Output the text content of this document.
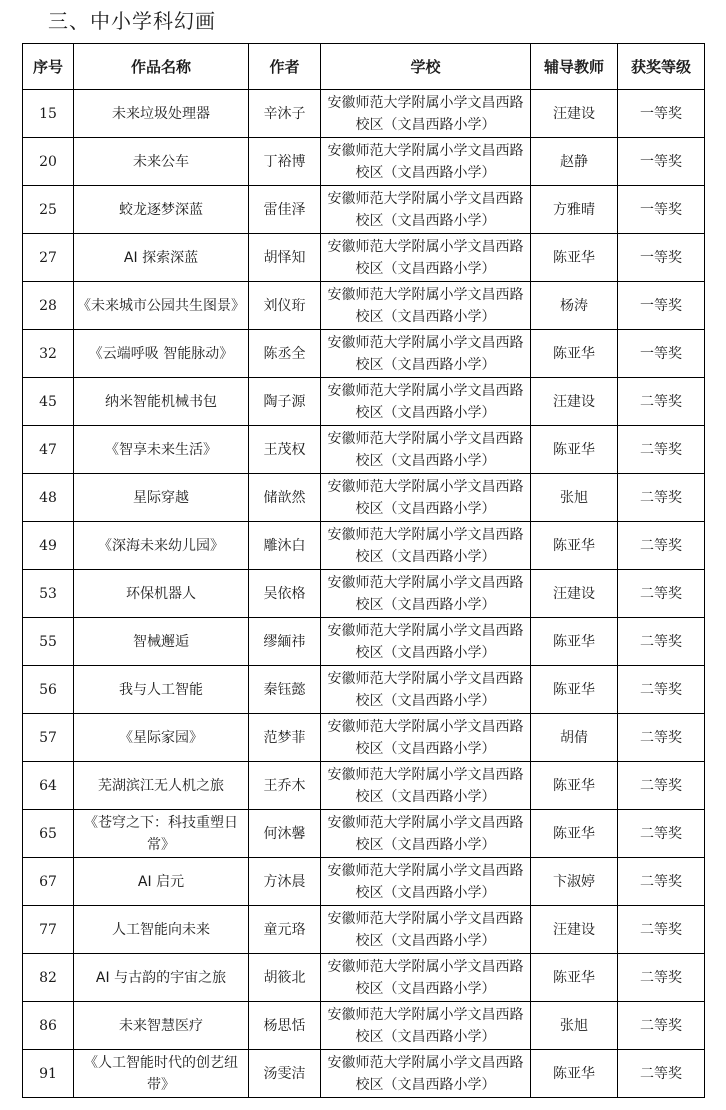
三、中小学科幻画
序号	作品名称	作者	学校	辅导教师	获奖等级
15	未来垃圾处理器	辛沐子	安徽师范大学附属小学文昌西路校区（文昌西路小学）	汪建设	一等奖
20	未来公车	丁裕博	安徽师范大学附属小学文昌西路校区（文昌西路小学）	赵静	一等奖
25	蛟龙逐梦深蓝	雷佳泽	安徽师范大学附属小学文昌西路校区（文昌西路小学）	方雅晴	一等奖
27	AI 探索深蓝	胡怿知	安徽师范大学附属小学文昌西路校区（文昌西路小学）	陈亚华	一等奖
28	《未来城市公园共生图景》	刘仪珩	安徽师范大学附属小学文昌西路校区（文昌西路小学）	杨涛	一等奖
32	《云端呼吸 智能脉动》	陈丞全	安徽师范大学附属小学文昌西路校区（文昌西路小学）	陈亚华	一等奖
45	纳米智能机械书包	陶子源	安徽师范大学附属小学文昌西路校区（文昌西路小学）	汪建设	二等奖
47	《智享未来生活》	王茂权	安徽师范大学附属小学文昌西路校区（文昌西路小学）	陈亚华	二等奖
48	星际穿越	储歆然	安徽师范大学附属小学文昌西路校区（文昌西路小学）	张旭	二等奖
49	《深海未来幼儿园》	雕沐白	安徽师范大学附属小学文昌西路校区（文昌西路小学）	陈亚华	二等奖
53	环保机器人	吴依格	安徽师范大学附属小学文昌西路校区（文昌西路小学）	汪建设	二等奖
55	智械邂逅	缪緬祎	安徽师范大学附属小学文昌西路校区（文昌西路小学）	陈亚华	二等奖
56	我与人工智能	秦钰懿	安徽师范大学附属小学文昌西路校区（文昌西路小学）	陈亚华	二等奖
57	《星际家园》	范梦菲	安徽师范大学附属小学文昌西路校区（文昌西路小学）	胡倩	二等奖
64	芜湖滨江无人机之旅	王乔木	安徽师范大学附属小学文昌西路校区（文昌西路小学）	陈亚华	二等奖
65	《苍穹之下：科技重塑日常》	何沐馨	安徽师范大学附属小学文昌西路校区（文昌西路小学）	陈亚华	二等奖
67	AI 启元	方沐晨	安徽师范大学附属小学文昌西路校区（文昌西路小学）	卞淑婷	二等奖
77	人工智能向未来	童元珞	安徽师范大学附属小学文昌西路校区（文昌西路小学）	汪建设	二等奖
82	AI 与古韵的宇宙之旅	胡筱北	安徽师范大学附属小学文昌西路校区（文昌西路小学）	陈亚华	二等奖
86	未来智慧医疗	杨思恬	安徽师范大学附属小学文昌西路校区（文昌西路小学）	张旭	二等奖
91	《人工智能时代的创艺纽带》	汤雯洁	安徽师范大学附属小学文昌西路校区（文昌西路小学）	陈亚华	二等奖
